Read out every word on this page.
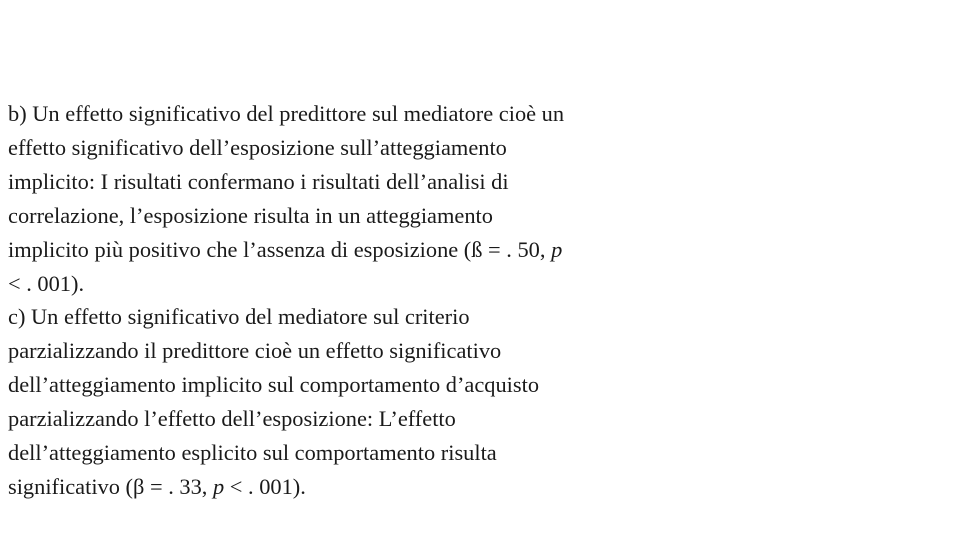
b) Un effetto significativo del predittore sul mediatore cioè un
effetto significativo dell’esposizione sull’atteggiamento
implicito: I risultati confermano i risultati dell’analisi di
correlazione, l’esposizione risulta in un atteggiamento
implicito più positivo che l’assenza di esposizione (ß = . 50, p
< . 001).
c) Un effetto significativo del mediatore sul criterio
parzializzando il predittore cioè un effetto significativo
dell’atteggiamento implicito sul comportamento d’acquisto
parzializzando l’effetto dell’esposizione: L’effetto
dell’atteggiamento esplicito sul comportamento risulta
significativo (β = . 33, p < . 001).
